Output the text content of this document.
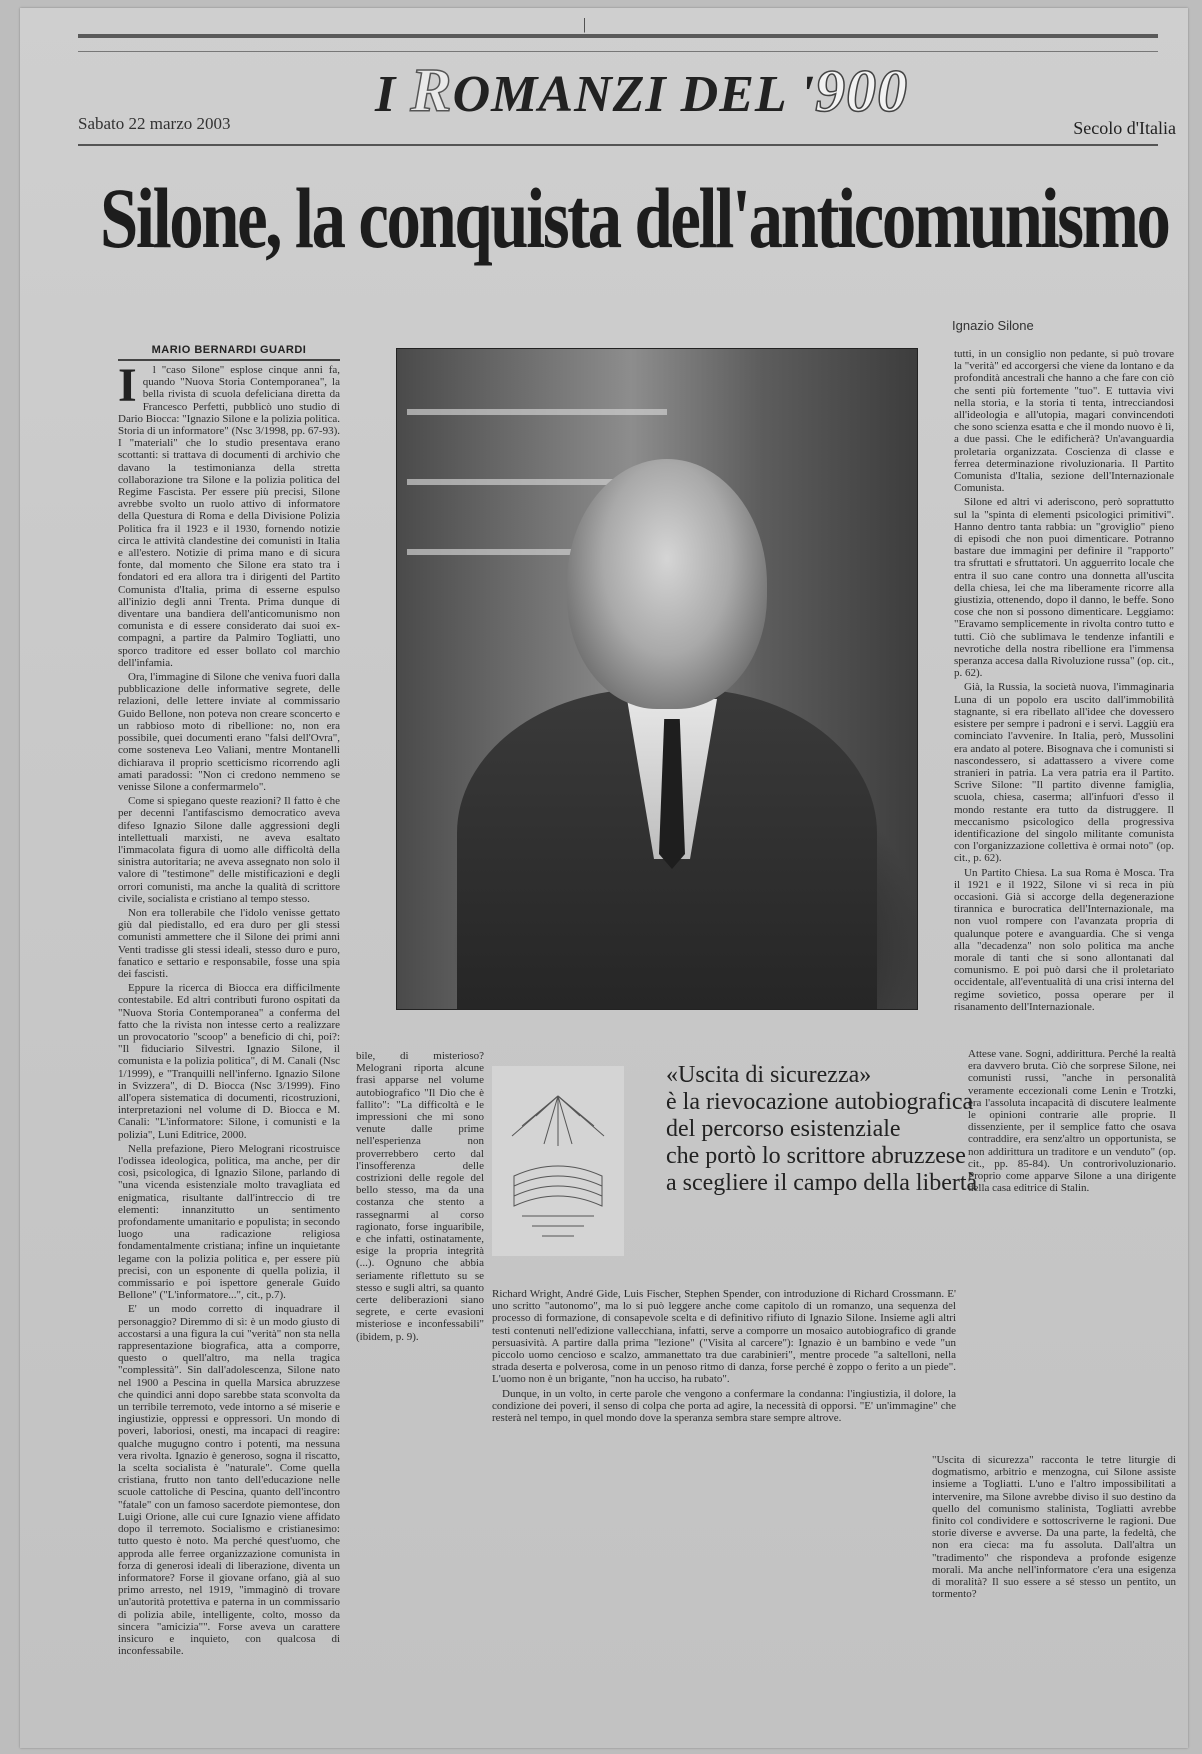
|
I ROMANZI DEL '900
Sabato 22 marzo 2003	Secolo d'Italia
Silone, la conquista dell'anticomunismo
MARIO BERNARDI GUARDI
Ignazio Silone
I	l "caso Silone" esplose cinque anni fa, quando "Nuova Storia Contemporanea", la bella rivista di scuola defeliciana diretta da Francesco Perfetti, pubblicò uno studio di Dario Biocca: "Ignazio Silone e la polizia politica. Storia di un informatore" (Nsc 3/1998, pp. 67-93). I "materiali" che lo studio presentava erano scottanti: si trattava di documenti di archivio che davano la testimonianza della stretta collaborazione tra Silone e la polizia politica del Regime Fascista. Per essere più precisi, Silone avrebbe svolto un ruolo attivo di informatore della Questura di Roma e della Divisione Polizia Politica fra il 1923 e il 1930, fornendo notizie circa le attività clandestine dei comunisti in Italia e all'estero. Notizie di prima mano e di sicura fonte, dal momento che Silone era stato tra i fondatori ed era allora tra i dirigenti del Partito Comunista d'Italia, prima di esserne espulso all'inizio degli anni Trenta. Prima dunque di diventare una bandiera dell'anticomunismo non comunista e di essere considerato dai suoi ex-compagni, a partire da Palmiro Togliatti, uno sporco traditore ed esser bollato col marchio dell'infamia.

Ora, l'immagine di Silone che veniva fuori dalla pubblicazione delle informative segrete, delle relazioni, delle lettere inviate al commissario Guido Bellone, non poteva non creare sconcerto e un rabbioso moto di ribellione: no, non era possibile, quei documenti erano "falsi dell'Ovra", come sosteneva Leo Valiani, mentre Montanelli dichiarava il proprio scetticismo ricorrendo agli amati paradossi: "Non ci credono nemmeno se venisse Silone a confermarmelo".

Come si spiegano queste reazioni? Il fatto è che per decenni l'antifascismo democratico aveva difeso Ignazio Silone dalle aggressioni degli intellettuali marxisti, ne aveva esaltato l'immacolata figura di uomo alle difficoltà della sinistra autoritaria; ne aveva assegnato non solo il valore di "testimone" delle mistificazioni e degli orrori comunisti, ma anche la qualità di scrittore civile, socialista e cristiano al tempo stesso.

Non era tollerabile che l'idolo venisse gettato giù dal piedistallo, ed era duro per gli stessi comunisti ammettere che il Silone dei primi anni Venti tradisse gli stessi ideali, stesso duro e puro, fanatico e settario e responsabile, fosse una spia dei fascisti.

Eppure la ricerca di Biocca era difficilmente contestabile. Ed altri contributi furono ospitati da "Nuova Storia Contemporanea" a conferma del fatto che la rivista non intesse certo a realizzare un provocatorio "scoop" a beneficio di chi, poi?: "Il fiduciario Silvestri. Ignazio Silone, il comunista e la polizia politica", di M. Canali (Nsc 1/1999), e "Tranquilli nell'inferno. Ignazio Silone in Svizzera", di D. Biocca (Nsc 3/1999). Fino all'opera sistematica di documenti, ricostruzioni, interpretazioni nel volume di D. Biocca e M. Canali: "L'informatore: Silone, i comunisti e la polizia", Luni Editrice, 2000.

Nella prefazione, Piero Melograni ricostruisce l'odissea ideologica, politica, ma anche, per dir così, psicologica, di Ignazio Silone, parlando di "una vicenda esistenziale molto travagliata ed enigmatica, risultante dall'intreccio di tre elementi: innanzitutto un sentimento profondamente umanitario e populista; in secondo luogo una radicazione religiosa fondamentalmente cristiana; infine un inquietante legame con la polizia politica e, per essere più precisi, con un esponente di quella polizia, il commissario e poi ispettore generale Guido Bellone" ("L'informatore...", cit., p.7).

E' un modo corretto di inquadrare il personaggio? Diremmo di sì: è un modo giusto di accostarsi a una figura la cui "verità" non sta nella rappresentazione biografica, atta a comporre, questo o quell'altro, ma nella tragica "complessità". Sin dall'adolescenza, Silone nato nel 1900 a Pescina in quella Marsica abruzzese che quindici anni dopo sarebbe stata sconvolta da un terribile terremoto, vede intorno a sé miserie e ingiustizie, oppressi e oppressori. Un mondo di poveri, laboriosi, onesti, ma incapaci di reagire: qualche mugugno contro i potenti, ma nessuna vera rivolta. Ignazio è generoso, sogna il riscatto, la scelta socialista è "naturale". Come quella cristiana, frutto non tanto dell'educazione nelle scuole cattoliche di Pescina, quanto dell'incontro "fatale" con un famoso sacerdote piemontese, don Luigi Orione, alle cui cure Ignazio viene affidato dopo il terremoto. Socialismo e cristianesimo: tutto questo è noto. Ma perché quest'uomo, che approda alle ferree organizzazione comunista in forza di generosi ideali di liberazione, diventa un informatore? Forse il giovane orfano, già al suo primo arresto, nel 1919, "immaginò di trovare un'autorità protettiva e paterna in un commissario di polizia abile, intelligente, colto, mosso da sincera "amicizia"". Forse aveva un carattere insicuro e inquieto, con qualcosa di inconfessabile.

bile, di misterioso? Melograni riporta alcune frasi apparse nel volume autobiografico "Il Dio che è fallito": "La difficoltà e le impressioni che mi sono venute dalle prime nell'esperienza non proverrebbero certo dal l'insofferenza delle costrizioni delle regole del bello stesso, ma da una costanza che stento a rassegnarmi al corso ragionato, forse inguaribile, e che infatti, ostinatamente, esige la propria integrità (...). Ognuno che abbia seriamente riflettuto su se stesso e sugli altri, sa quanto certe deliberazioni siano segrete, e certe evasioni misteriose e inconfessabili" (ibidem, p. 9).

tutti, in un consiglio non pedante, si può trovare la "verità" ed accorgersi che viene da lontano e da profondità ancestrali che hanno a che fare con ciò che senti più fortemente "tuo". E tuttavia vivi nella storia, e la storia ti tenta, intrecciandosi all'ideologia e all'utopia, magari convincendoti che sono scienza esatta e che il mondo nuovo è lì, a due passi. Che le edificherà? Un'avanguardia proletaria organizzata. Coscienza di classe e ferrea determinazione rivoluzionaria. Il Partito Comunista d'Italia, sezione dell'Internazionale Comunista.

Silone ed altri vi aderiscono, però soprattutto sul la "spinta di elementi psicologici primitivi". Hanno dentro tanta rabbia: un "groviglio" pieno di episodi che non puoi dimenticare. Potranno bastare due immagini per definire il "rapporto" tra sfruttati e sfruttatori. Un agguerrito locale che entra il suo cane contro una donnetta all'uscita della chiesa, lei che ma liberamente ricorre alla giustizia, ottenendo, dopo il danno, le beffe. Sono cose che non si possono dimenticare. Leggiamo: "Eravamo semplicemente in rivolta contro tutto e tutti. Ciò che sublimava le tendenze infantili e nevrotiche della nostra ribellione era l'immensa speranza accesa dalla Rivoluzione russa" (op. cit., p. 62).

Già, la Russia, la società nuova, l'immaginaria Luna di un popolo era uscito dall'immobilità stagnante, si era ribellato all'idee che dovessero esistere per sempre i padroni e i servi. Laggiù era cominciato l'avvenire. In Italia, però, Mussolini era andato al potere. Bisognava che i comunisti si nascondessero, si adattassero a vivere come stranieri in patria. La vera patria era il Partito. Scrive Silone: "Il partito divenne famiglia, scuola, chiesa, caserma; all'infuori d'esso il mondo restante era tutto da distruggere. Il meccanismo psicologico della progressiva identificazione del singolo militante comunista con l'organizzazione collettiva è ormai noto" (op. cit., p. 62).

Un Partito Chiesa. La sua Roma è Mosca. Tra il 1921 e il 1922, Silone vi si reca in più occasioni. Già si accorge della degenerazione tirannica e burocratica dell'Internazionale, ma non vuol rompere con l'avanzata propria di qualunque potere e avanguardia. Che si venga alla "decadenza" non solo politica ma anche morale di tanti che si sono allontanati dal comunismo. E poi può darsi che il proletariato occidentale, all'eventualità di una crisi interna del regime sovietico, possa operare per il risanamento dell'Internazionale.

Attese vane. Sogni, addirittura. Perché la realtà era davvero bruta. Ciò che sorprese Silone, nei comunisti russi, "anche in personalità veramente eccezionali come Lenin e Trotzki, era l'assoluta incapacità di discutere lealmente le opinioni contrarie alle proprie. Il dissenziente, per il semplice fatto che osava contraddire, era senz'altro un opportunista, se non addirittura un traditore e un venduto" (op. cit., pp. 85-84). Un controrivoluzionario. Proprio come apparve Silone a una dirigente della casa editrice di Stalin.

«Uscita di sicurezza»
è la rievocazione autobiografica
del percorso esistenziale
che portò lo scrittore abruzzese
a scegliere il campo della libertà

Richard Wright, André Gide, Luis Fischer, Stephen Spender, con introduzione di Richard Crossmann. E' uno scritto "autonomo", ma lo si può leggere anche come capitolo di un romanzo, una sequenza del processo di formazione, di consapevole scelta e di definitivo rifiuto di Ignazio Silone. Insieme agli altri testi contenuti nell'edizione vallecchiana, infatti, serve a comporre un mosaico autobiografico di grande persuasività. A partire dalla prima "lezione" ("Visita al carcere"): Ignazio è un bambino e vede "un piccolo uomo cencioso e scalzo, ammanettato tra due carabinieri", mentre procede "a saltelloni, nella strada deserta e polverosa, come in un penoso ritmo di danza, forse perché è zoppo o ferito a un piede". L'uomo non è un brigante, "non ha ucciso, ha rubato".

Dunque, in un volto, in certe parole che vengono a confermare la condanna: l'ingiustizia, il dolore, la condizione dei poveri, il senso di colpa che porta ad agire, la necessità di opporsi. "E' un'immagine" che resterà nel tempo, in quel mondo dove la speranza sembra stare sempre altrove.

"Uscita di sicurezza" racconta le tetre liturgie di dogmatismo, arbitrio e menzogna, cui Silone assiste insieme a Togliatti. L'uno e l'altro impossibilitati a intervenire, ma Silone avrebbe diviso il suo destino da quello del comunismo stalinista, Togliatti avrebbe finito col condividere e sottoscriverne le ragioni. Due storie diverse e avverse. Da una parte, la fedeltà, che non era cieca: ma fu assoluta. Dall'altra un "tradimento" che rispondeva a profonde esigenze morali. Ma anche nell'informatore c'era una esigenza di moralità? Il suo essere a sé stesso un pentito, un tormento?
